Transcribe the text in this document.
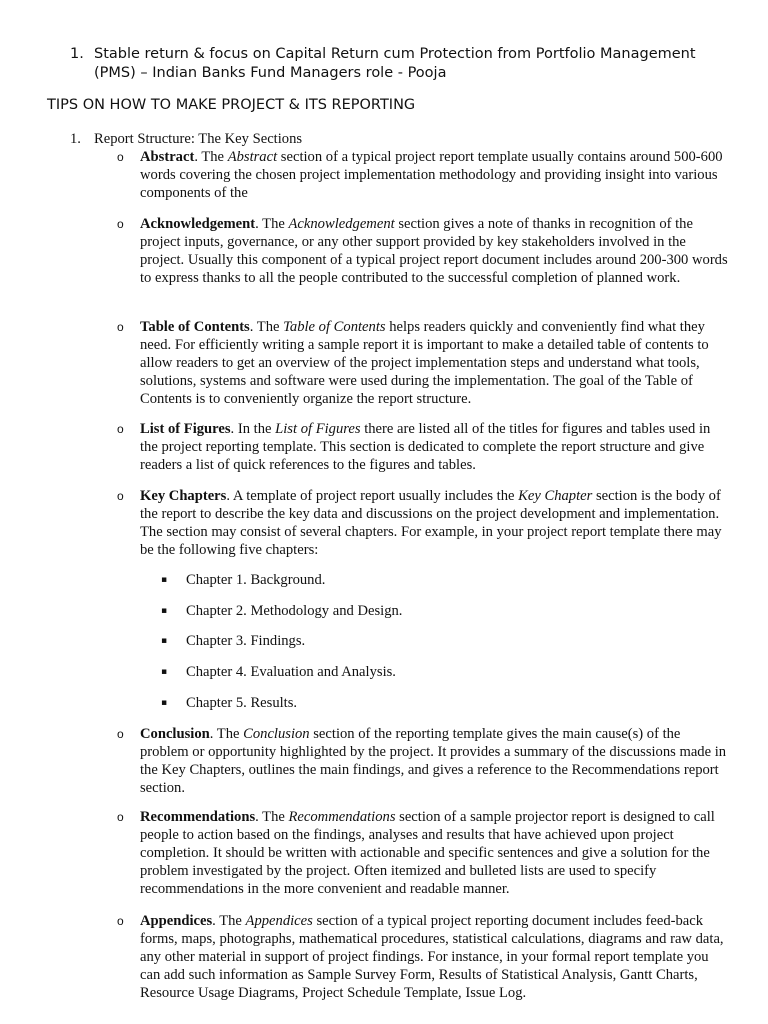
1. Stable return & focus on Capital Return cum Protection from Portfolio Management
(PMS) – Indian Banks Fund Managers role - Pooja
TIPS ON HOW TO MAKE PROJECT & ITS REPORTING
1. Report Structure: The Key Sections
o Abstract. The Abstract section of a typical project report template usually contains around 500-600 words covering the chosen project implementation methodology and providing insight into various components of the
o Acknowledgement. The Acknowledgement section gives a note of thanks in recognition of the project inputs, governance, or any other support provided by key stakeholders involved in the project. Usually this component of a typical project report document includes around 200-300 words to express thanks to all the people contributed to the successful completion of planned work.
o Table of Contents. The Table of Contents helps readers quickly and conveniently find what they need. For efficiently writing a sample report it is important to make a detailed table of contents to allow readers to get an overview of the project implementation steps and understand what tools, solutions, systems and software were used during the implementation. The goal of the Table of Contents is to conveniently organize the report structure.
o List of Figures. In the List of Figures there are listed all of the titles for figures and tables used in the project reporting template. This section is dedicated to complete the report structure and give readers a list of quick references to the figures and tables.
o Key Chapters. A template of project report usually includes the Key Chapter section is the body of the report to describe the key data and discussions on the project development and implementation. The section may consist of several chapters. For example, in your project report template there may be the following five chapters:
▪ Chapter 1. Background.
▪ Chapter 2. Methodology and Design.
▪ Chapter 3. Findings.
▪ Chapter 4. Evaluation and Analysis.
▪ Chapter 5. Results.
o Conclusion. The Conclusion section of the reporting template gives the main cause(s) of the problem or opportunity highlighted by the project. It provides a summary of the discussions made in the Key Chapters, outlines the main findings, and gives a reference to the Recommendations report section.
o Recommendations. The Recommendations section of a sample projector report is designed to call people to action based on the findings, analyses and results that have achieved upon project completion. It should be written with actionable and specific sentences and give a solution for the problem investigated by the project. Often itemized and bulleted lists are used to specify recommendations in the more convenient and readable manner.
o Appendices. The Appendices section of a typical project reporting document includes feed-back forms, maps, photographs, mathematical procedures, statistical calculations, diagrams and raw data, any other material in support of project findings. For instance, in your formal report template you can add such information as Sample Survey Form, Results of Statistical Analysis, Gantt Charts, Resource Usage Diagrams, Project Schedule Template, Issue Log.
